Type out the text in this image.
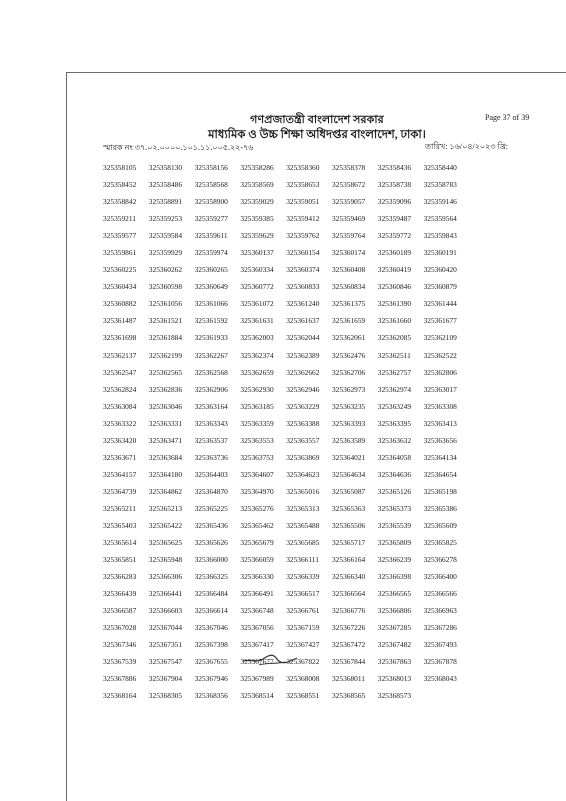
গণপ্রজাতন্ত্রী বাংলাদেশ সরকার	Page 37 of 39
মাধ্যমিক ও উচ্চ শিক্ষা অধিদপ্তর বাংলাদেশ, ঢাকা।
স্মারক নং ৩৭.০২.০০০০.১০১.১১.০০৫.২২-৭৬	তারিখ: ১৬/০৪/২০২৩ খ্রি:
325358105	325358130	325358156	325358286	325358360	325358378	325358436	325358440
325358452	325358486	325358568	325358569	325358653	325358672	325358738	325358783
325358842	325358891	325358900	325359029	325359051	325359057	325359096	325359146
325359211	325359253	325359277	325359385	325359412	325359469	325359487	325359564
325359577	325359584	325359611	325359629	325359762	325359764	325359772	325359843
325359861	325359929	325359974	325360137	325360154	325360174	325360189	325360191
325360225	325360262	325360265	325360334	325360374	325360408	325360419	325360420
325360434	325360598	325360649	325360772	325360833	325360834	325360846	325360879
325360882	325361056	325361066	325361072	325361240	325361375	325361390	325361444
325361487	325361521	325361592	325361631	325361637	325361659	325361660	325361677
325361698	325361884	325361933	325362003	325362044	325362061	325362085	325362109
325362137	325362199	325362267	325362374	325362389	325362476	325362511	325362522
325362547	325362565	325362568	325362659	325362662	325362706	325362757	325362806
325362824	325362836	325362906	325362930	325362946	325362973	325362974	325363017
325363084	325363046	325363164	325363185	325363229	325363235	325363249	325363308
325363322	325363331	325363343	325363359	325363388	325363393	325363395	325363413
325363420	325363471	325363537	325363553	325363557	325363589	325363632	325363656
325363671	325363684	325363736	325363753	325363869	325364021	325364058	325364134
325364157	325364180	325364403	325364607	325364623	325364634	325364636	325364654
325364739	325364862	325364870	325364970	325365016	325365087	325365126	325365198
325365211	325365213	325365225	325365276	325365313	325365363	325365373	325365386
325365403	325365422	325365436	325365462	325365488	325365506	325365539	325365609
325365614	325365625	325365626	325365679	325365685	325365717	325365809	325365825
325365851	325365948	325366000	325366059	325366111	325366164	325366239	325366278
325366283	325366306	325366325	325366330	325366339	325366340	325366398	325366400
325366439	325366441	325366484	325366491	325366517	325366564	325366565	325366566
325366587	325366603	325366614	325366748	325366761	325366776	325366806	325366963
325367028	325367044	325367046	325367056	325367159	325367226	325367285	325367286
325367346	325367351	325367398	325367417	325367427	325367472	325367482	325367493
325367539	325367547	325367655	325367677	325367822	325367844	325367863	325367878
325367886	325367904	325367946	325367989	325368008	325368011	325368013	325368043
325368164	325368305	325368356	325368514	325368551	325368565	325368573
